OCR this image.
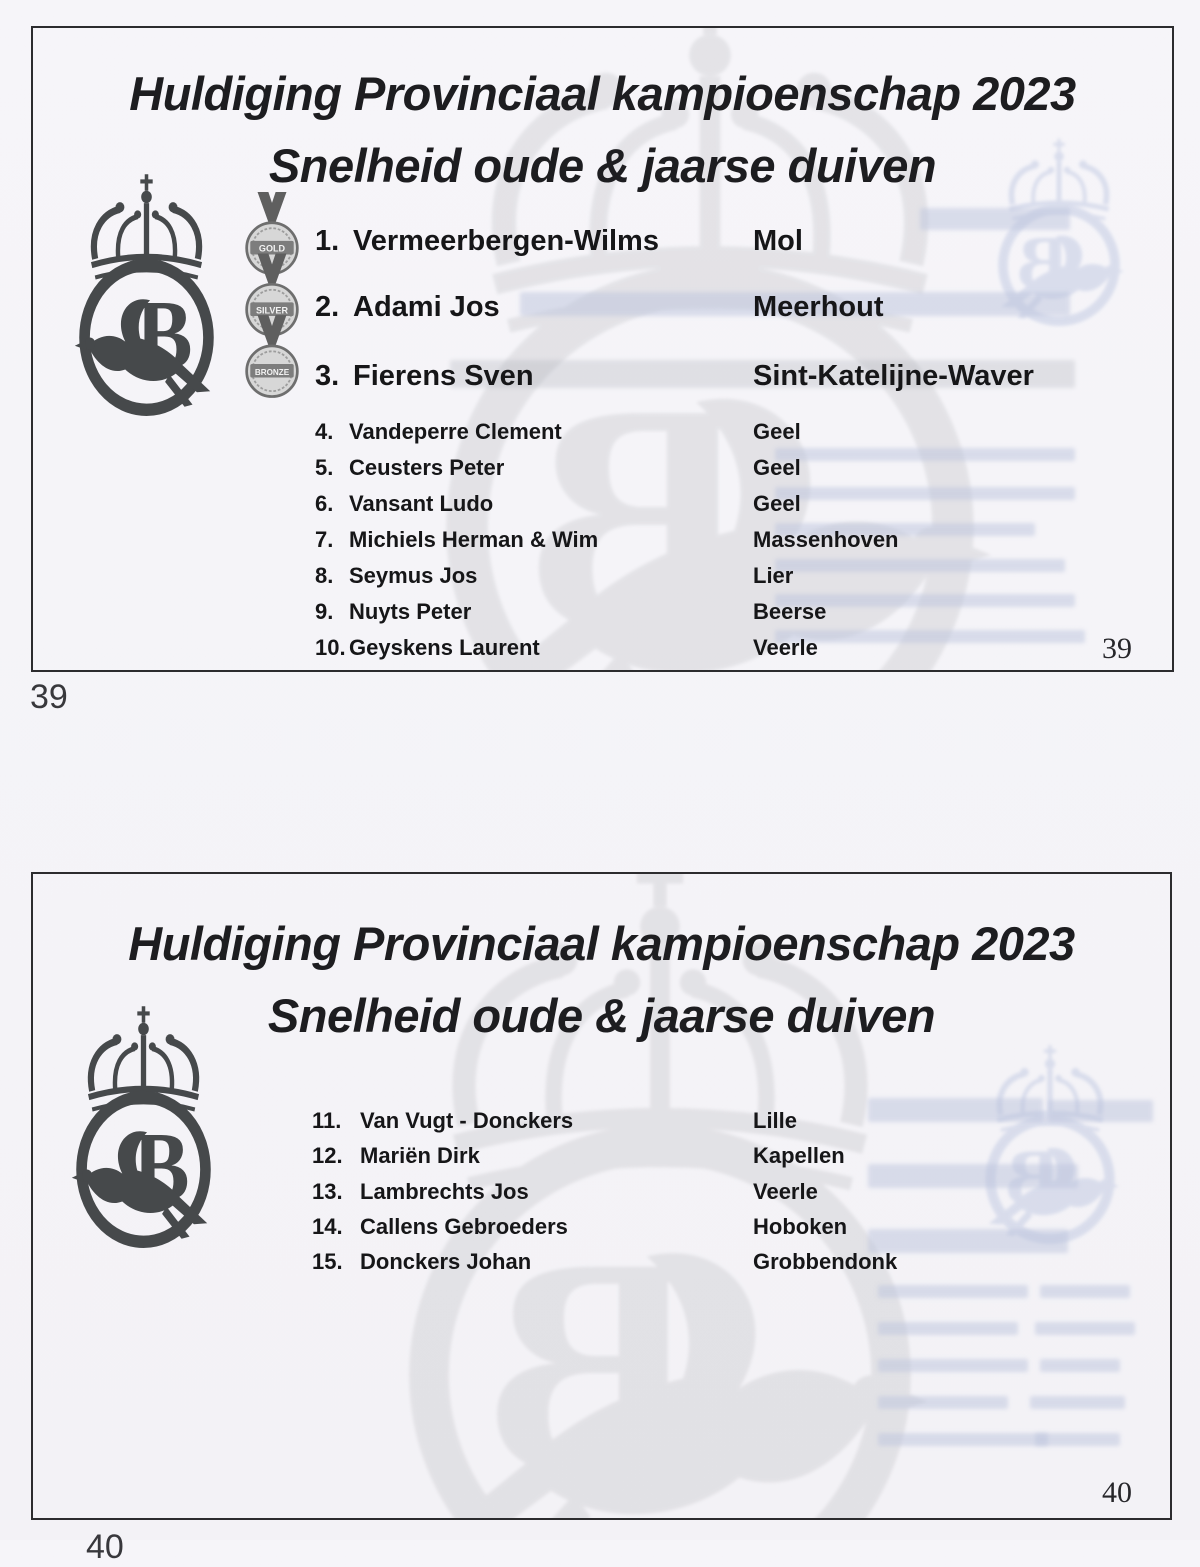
Huldiging Provinciaal kampioenschap 2023
Snelheid oude & jaarse duiven
GOLD
SILVER
BRONZE
1. Vermeerbergen-Wilms	Mol
2. Adami Jos	Meerhout
3. Fierens Sven	Sint-Katelijne-Waver
4. Vandeperre Clement	Geel
5. Ceusters Peter	Geel
6. Vansant Ludo	Geel
7. Michiels Herman & Wim	Massenhoven
8. Seymus Jos	Lier
9. Nuyts Peter	Beerse
10. Geyskens Laurent	Veerle	39
39
Huldiging Provinciaal kampioenschap 2023
Snelheid oude & jaarse duiven
11. Van Vugt - Donckers	Lille
12. Mariën Dirk	Kapellen
13. Lambrechts Jos	Veerle
14. Callens Gebroeders	Hoboken
15. Donckers Johan	Grobbendonk
40
40
